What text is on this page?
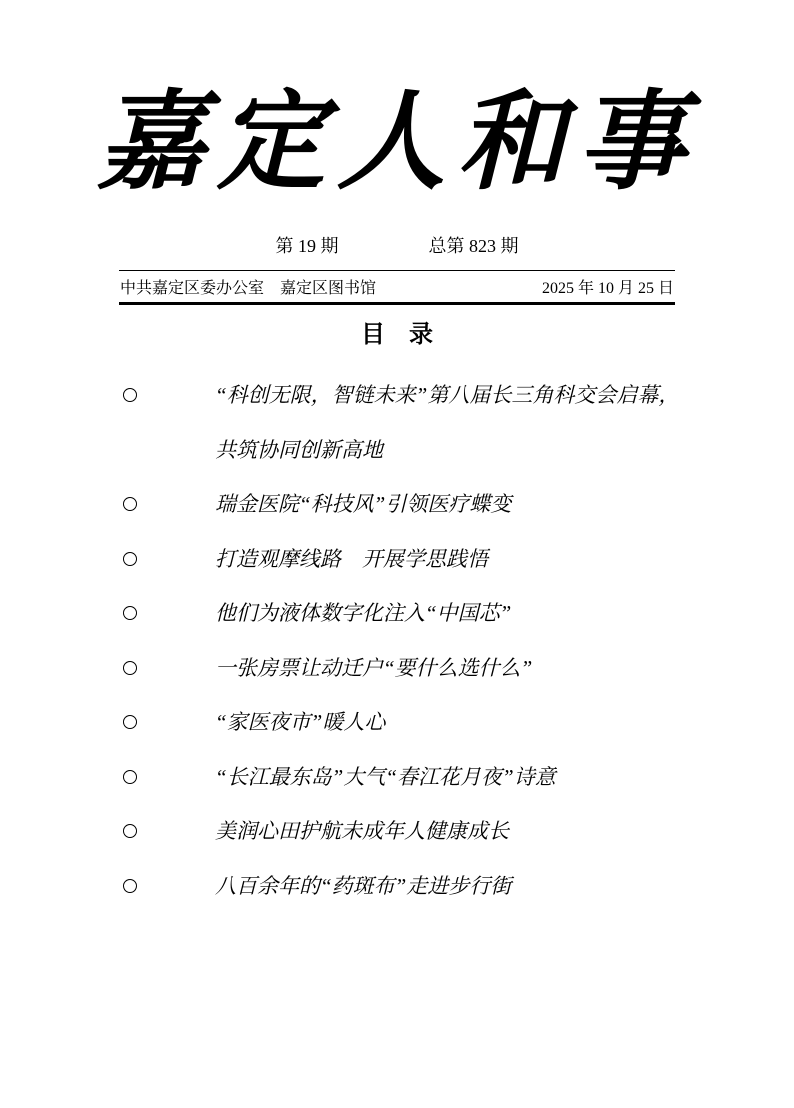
嘉定人和事
第 19 期	总第 823 期
中共嘉定区委办公室　嘉定区图书馆	2025 年 10 月 25 日
目　录
“科创无限，智链未来”第八届长三角科交会启幕，共筑协同创新高地
瑞金医院“科技风”引领医疗蝶变
打造观摩线路　开展学思践悟
他们为液体数字化注入“中国芯”
一张房票让动迁户“要什么选什么”
“家医夜市”暖人心
“长江最东岛”大气“春江花月夜”诗意
美润心田护航未成年人健康成长
八百余年的“药斑布”走进步行街
